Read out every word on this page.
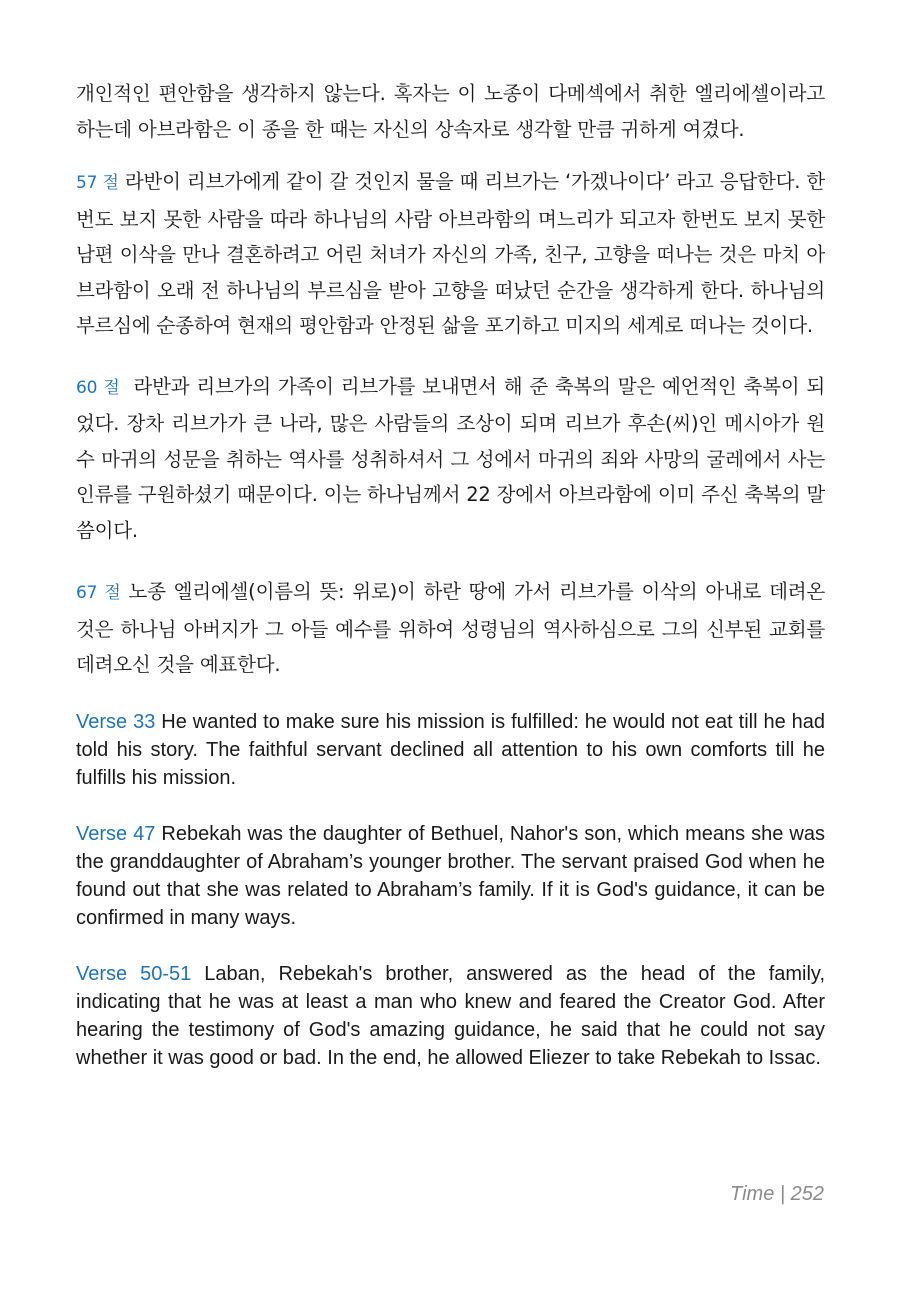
개인적인 편안함을 생각하지 않는다. 혹자는 이 노종이 다메섹에서 취한 엘리에셀이라고 하는데 아브라함은 이 종을 한 때는 자신의 상속자로 생각할 만큼 귀하게 여겼다.

57 절 라반이 리브가에게 같이 갈 것인지 물을 때 리브가는 ‘가겠나이다’ 라고 응답한다. 한번도 보지 못한 사람을 따라 하나님의 사람 아브라함의 며느리가 되고자 한번도 보지 못한 남편 이삭을 만나 결혼하려고 어린 처녀가 자신의 가족, 친구, 고향을 떠나는 것은 마치 아브라함이 오래 전 하나님의 부르심을 받아 고향을 떠났던 순간을 생각하게 한다. 하나님의 부르심에 순종하여 현재의 평안함과 안정된 삶을 포기하고 미지의 세계로 떠나는 것이다.

60 절 라반과 리브가의 가족이 리브가를 보내면서 해 준 축복의 말은 예언적인 축복이 되었다. 장차 리브가가 큰 나라, 많은 사람들의 조상이 되며 리브가 후손(씨)인 메시아가 원수 마귀의 성문을 취하는 역사를 성취하셔서 그 성에서 마귀의 죄와 사망의 굴레에서 사는 인류를 구원하셨기 때문이다. 이는 하나님께서 22 장에서 아브라함에 이미 주신 축복의 말씀이다.

67 절 노종 엘리에셀(이름의 뜻: 위로)이 하란 땅에 가서 리브가를 이삭의 아내로 데려온 것은 하나님 아버지가 그 아들 예수를 위하여 성령님의 역사하심으로 그의 신부된 교회를 데려오신 것을 예표한다.

Verse 33 He wanted to make sure his mission is fulfilled: he would not eat till he had told his story. The faithful servant declined all attention to his own comforts till he fulfills his mission.

Verse 47 Rebekah was the daughter of Bethuel, Nahor's son, which means she was the granddaughter of Abraham’s younger brother. The servant praised God when he found out that she was related to Abraham’s family. If it is God's guidance, it can be confirmed in many ways.

Verse 50-51 Laban, Rebekah's brother, answered as the head of the family, indicating that he was at least a man who knew and feared the Creator God. After hearing the testimony of God's amazing guidance, he said that he could not say whether it was good or bad. In the end, he allowed Eliezer to take Rebekah to Issac.

Time | 252
